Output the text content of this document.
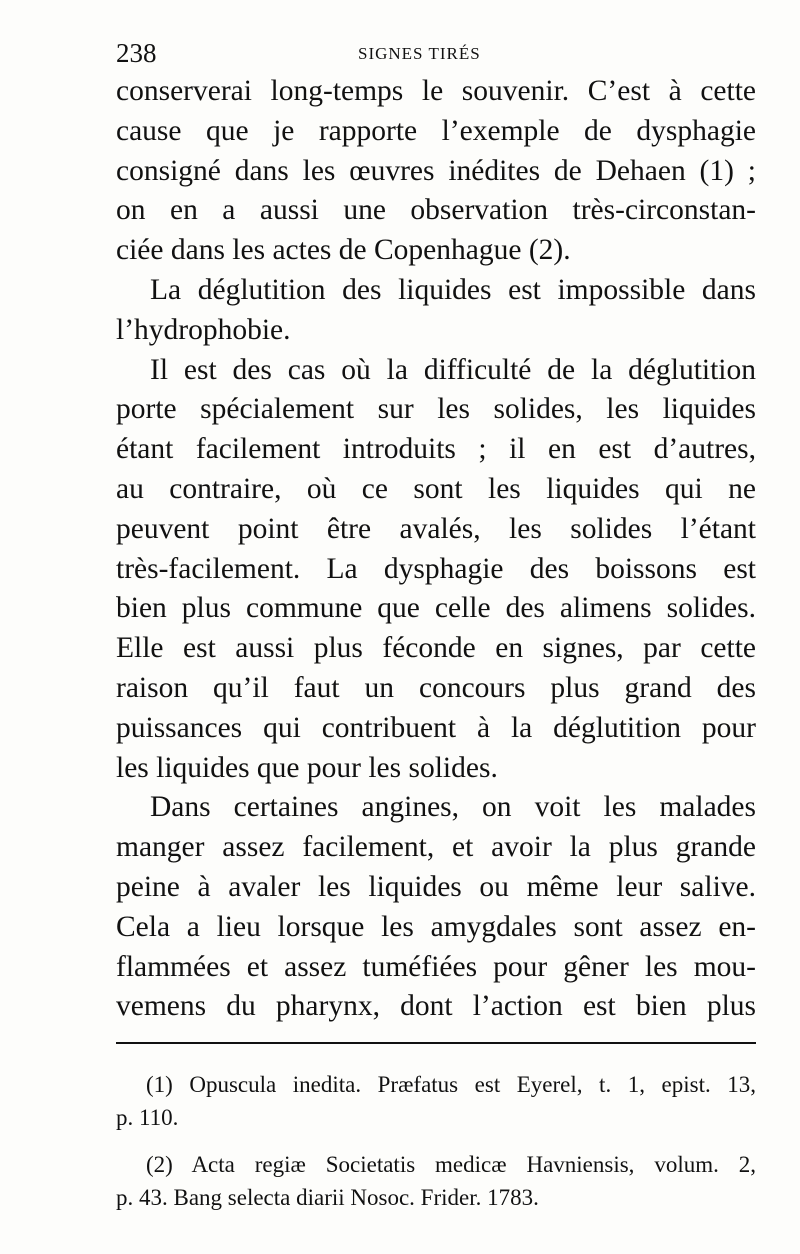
238	SIGNES TIRÉS
conserverai long-temps le souvenir. C’est à cette
cause que je rapporte l’exemple de dysphagie
consigné dans les œuvres inédites de Dehaen (1) ;
on en a aussi une observation très-circonstan-
ciée dans les actes de Copenhague (2).
La déglutition des liquides est impossible dans
l’hydrophobie.
Il est des cas où la difficulté de la déglutition
porte spécialement sur les solides, les liquides
étant facilement introduits ; il en est d’autres,
au contraire, où ce sont les liquides qui ne
peuvent point être avalés, les solides l’étant
très-facilement. La dysphagie des boissons est
bien plus commune que celle des alimens solides.
Elle est aussi plus féconde en signes, par cette
raison qu’il faut un concours plus grand des
puissances qui contribuent à la déglutition pour
les liquides que pour les solides.
Dans certaines angines, on voit les malades
manger assez facilement, et avoir la plus grande
peine à avaler les liquides ou même leur salive.
Cela a lieu lorsque les amygdales sont assez en-
flammées et assez tuméfiées pour gêner les mou-
vemens du pharynx, dont l’action est bien plus
(1) Opuscula inedita. Præfatus est Eyerel, t. 1, epist. 13,
p. 110.
(2) Acta regiæ Societatis medicæ Havniensis, volum. 2,
p. 43. Bang selecta diarii Nosoc. Frider. 1783.
